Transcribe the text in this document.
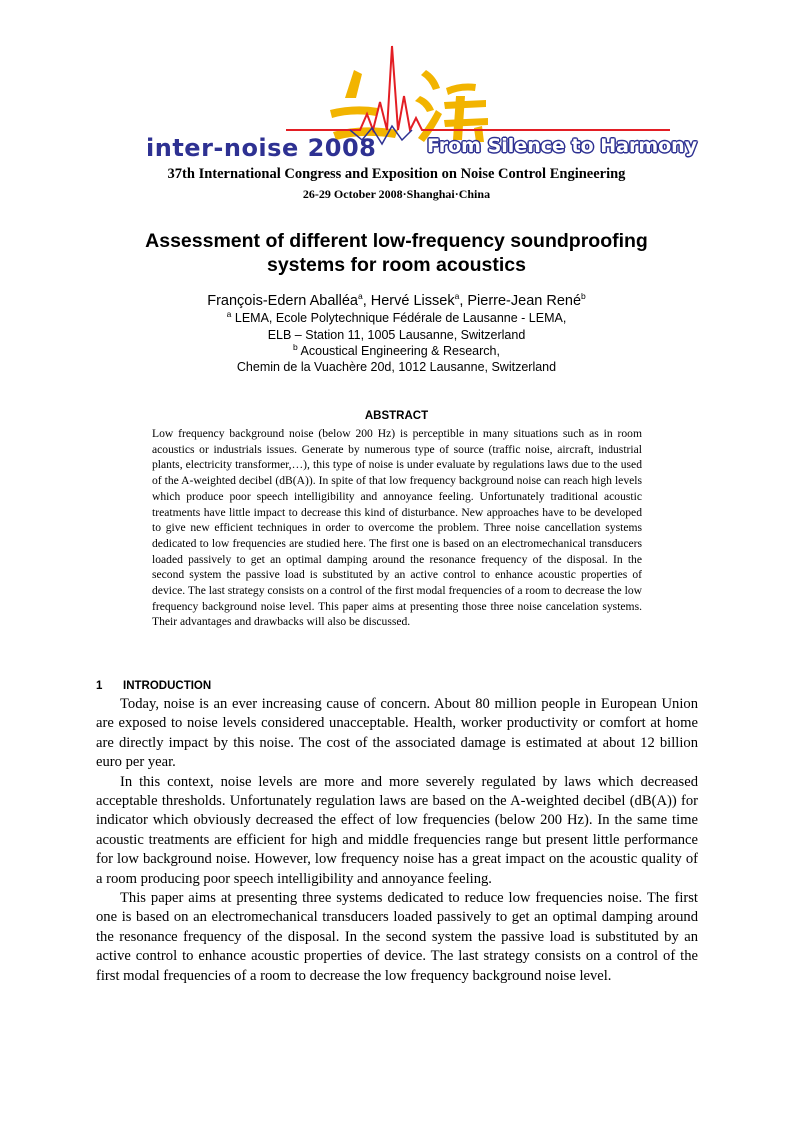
inter-noise 2008	From Silence to Harmony
37th International Congress and Exposition on Noise Control Engineering
26-29 October 2008·Shanghai·China
Assessment of different low-frequency soundproofing
systems for room acoustics
François-Edern Aballéa$^a$, Hervé Lissek$^a$, Pierre-Jean René$^b$
$^a$ LEMA, Ecole Polytechnique Fédérale de Lausanne - LEMA,
ELB – Station 11, 1005 Lausanne, Switzerland
$^b$ Acoustical Engineering & Research,
Chemin de la Vuachère 20d, 1012 Lausanne, Switzerland
ABSTRACT
Low frequency background noise (below 200 Hz) is perceptible in many situations such as in room acoustics or industrials issues. Generate by numerous type of source (traffic noise, aircraft, industrial plants, electricity transformer,…), this type of noise is under evaluate by regulations laws due to the used of the A-weighted decibel (dB(A)). In spite of that low frequency background noise can reach high levels which produce poor speech intelligibility and annoyance feeling. Unfortunately traditional acoustic treatments have little impact to decrease this kind of disturbance. New approaches have to be developed to give new efficient techniques in order to overcome the problem. Three noise cancellation systems dedicated to low frequencies are studied here. The first one is based on an electromechanical transducers loaded passively to get an optimal damping around the resonance frequency of the disposal. In the second system the passive load is substituted by an active control to enhance acoustic properties of device. The last strategy consists on a control of the first modal frequencies of a room to decrease the low frequency background noise level. This paper aims at presenting those three noise cancelation systems. Their advantages and drawbacks will also be discussed.
1 INTRODUCTION

Today, noise is an ever increasing cause of concern. About 80 million people in European Union are exposed to noise levels considered unacceptable. Health, worker productivity or comfort at home are directly impact by this noise. The cost of the associated damage is estimated at about 12 billion euro per year.

In this context, noise levels are more and more severely regulated by laws which decreased acceptable thresholds. Unfortunately regulation laws are based on the A-weighted decibel (dB(A)) for indicator which obviously decreased the effect of low frequencies (below 200 Hz). In the same time acoustic treatments are efficient for high and middle frequencies range but present little performance for low background noise. However, low frequency noise has a great impact on the acoustic quality of a room producing poor speech intelligibility and annoyance feeling.

This paper aims at presenting three systems dedicated to reduce low frequencies noise. The first one is based on an electromechanical transducers loaded passively to get an optimal damping around the resonance frequency of the disposal. In the second system the passive load is substituted by an active control to enhance acoustic properties of device. The last strategy consists on a control of the first modal frequencies of a room to decrease the low frequency background noise level.
